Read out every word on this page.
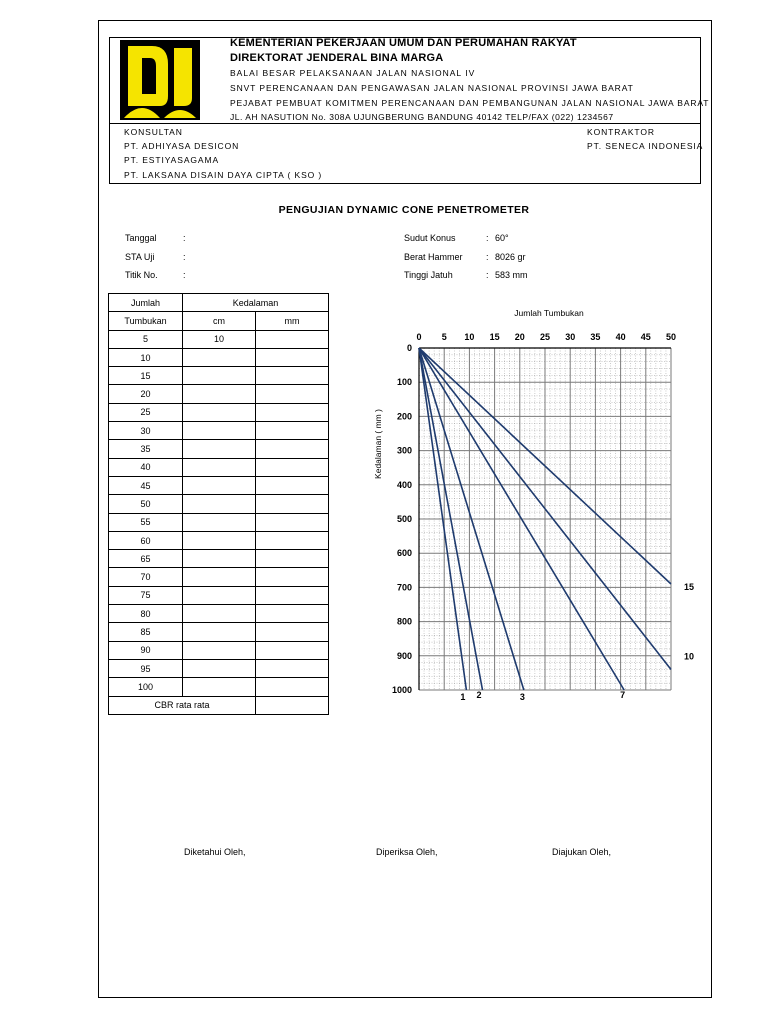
KEMENTERIAN PEKERJAAN UMUM DAN PERUMAHAN RAKYAT
DIREKTORAT JENDERAL BINA MARGA
BALAI BESAR PELAKSANAAN JALAN NASIONAL IV
SNVT PERENCANAAN DAN PENGAWASAN JALAN NASIONAL PROVINSI JAWA BARAT
PEJABAT PEMBUAT KOMITMEN PERENCANAAN DAN PEMBANGUNAN JALAN NASIONAL JAWA BARAT
JL. AH NASUTION No. 308A UJUNGBERUNG BANDUNG 40142 TELP/FAX (022) 1234567
KONSULTAN
PT. ADHIYASA DESICON
PT. ESTIYASAGAMA
PT. LAKSANA DISAIN DAYA CIPTA ( KSO )
KONTRAKTOR
PT. SENECA INDONESIA
PENGUJIAN DYNAMIC CONE PENETROMETER
Tanggal	:
STA Uji	:
Titik No.	:
Sudut Konus	: 60°
Berat Hammer	: 8026 gr
Tinggi Jatuh	: 583 mm
Jumlah	Kedalaman	
Tumbukan	cm	mm
5	10	
10		
15		
20		
25		
30		
35		
40		
45		
50		
55		
60		
65		
70		
75		
80		
85		
90		
95		
100		
CBR rata rata		
0 5 10 15 20 25 30 35 40 45 50
0
100
200
300
400
500
600
700
800
900
1000
Jumlah Tumbukan
Kedalaman ( mm )
1 2	3	7
10
15
Diketahui Oleh,	Diperiksa Oleh,	Diajukan Oleh,
